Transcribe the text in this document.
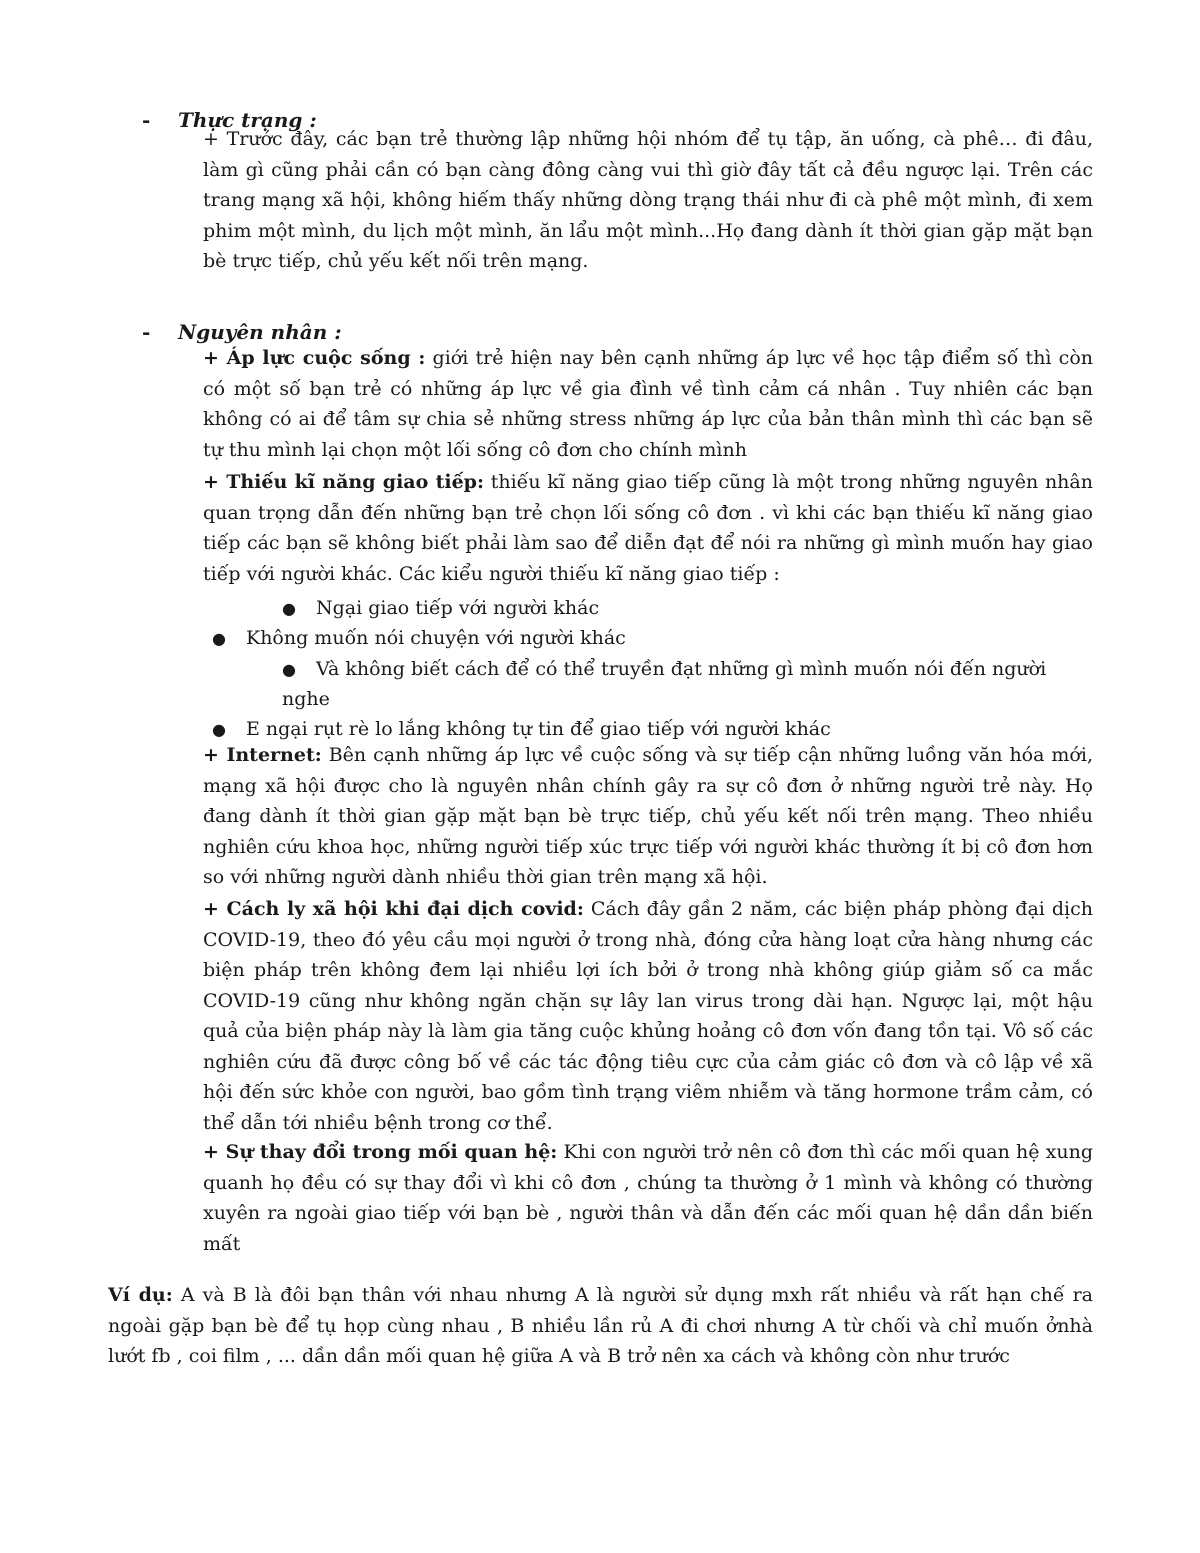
- Thực trạng :

+ Trước đây, các bạn trẻ thường lập những hội nhóm để tụ tập, ăn uống, cà phê… đi đâu, làm gì cũng phải cần có bạn càng đông càng vui thì giờ đây tất cả đều ngược lại. Trên các trang mạng xã hội, không hiếm thấy những dòng trạng thái như đi cà phê một mình, đi xem phim một mình, du lịch một mình, ăn lẩu một mình...Họ đang dành ít thời gian gặp mặt bạn bè trực tiếp, chủ yếu kết nối trên mạng.

- Nguyên nhân :

+ Áp lực cuộc sống : giới trẻ hiện nay bên cạnh những áp lực về học tập điểm số thì còn có một số bạn trẻ có những áp lực về gia đình về tình cảm cá nhân . Tuy nhiên các bạn không có ai để tâm sự chia sẻ những stress những áp lực của bản thân mình thì các bạn sẽ tự thu mình lại chọn một lối sống cô đơn cho chính mình

+ Thiếu kĩ năng giao tiếp: thiếu kĩ năng giao tiếp cũng là một trong những nguyên nhân quan trọng dẫn đến những bạn trẻ chọn lối sống cô đơn . vì khi các bạn thiếu kĩ năng giao tiếp các bạn sẽ không biết phải làm sao để diễn đạt để nói ra những gì mình muốn hay giao tiếp với người khác. Các kiểu người thiếu kĩ năng giao tiếp :

● Ngại giao tiếp với người khác
● Không muốn nói chuyện với người khác
● Và không biết cách để có thể truyền đạt những gì mình muốn nói đến người
nghe
● E ngại rụt rè lo lắng không tự tin để giao tiếp với người khác

+ Internet: Bên cạnh những áp lực về cuộc sống và sự tiếp cận những luồng văn hóa mới, mạng xã hội được cho là nguyên nhân chính gây ra sự cô đơn ở những người trẻ này. Họ đang dành ít thời gian gặp mặt bạn bè trực tiếp, chủ yếu kết nối trên mạng. Theo nhiều nghiên cứu khoa học, những người tiếp xúc trực tiếp với người khác thường ít bị cô đơn hơn so với những người dành nhiều thời gian trên mạng xã hội.

+ Cách ly xã hội khi đại dịch covid: Cách đây gần 2 năm, các biện pháp phòng đại dịch COVID-19, theo đó yêu cầu mọi người ở trong nhà, đóng cửa hàng loạt cửa hàng nhưng các biện pháp trên không đem lại nhiều lợi ích bởi ở trong nhà không giúp giảm số ca mắc COVID-19 cũng như không ngăn chặn sự lây lan virus trong dài hạn. Ngược lại, một hậu quả của biện pháp này là làm gia tăng cuộc khủng hoảng cô đơn vốn đang tồn tại. Vô số các nghiên cứu đã được công bố về các tác động tiêu cực của cảm giác cô đơn và cô lập về xã hội đến sức khỏe con người, bao gồm tình trạng viêm nhiễm và tăng hormone trầm cảm, có thể dẫn tới nhiều bệnh trong cơ thể.

+ Sự thay đổi trong mối quan hệ: Khi con người trở nên cô đơn thì các mối quan hệ xung quanh họ đều có sự thay đổi vì khi cô đơn , chúng ta thường ở 1 mình và không có thường xuyên ra ngoài giao tiếp với bạn bè , người thân và dẫn đến các mối quan hệ dần dần biến mất

Ví dụ: A và B là đôi bạn thân với nhau nhưng A là người sử dụng mxh rất nhiều và rất hạn chế ra ngoài gặp bạn bè để tụ họp cùng nhau , B nhiều lần rủ A đi chơi nhưng A từ chối và chỉ muốn ởnhà lướt fb , coi film , ... dần dần mối quan hệ giữa A và B trở nên xa cách và không còn như trước
